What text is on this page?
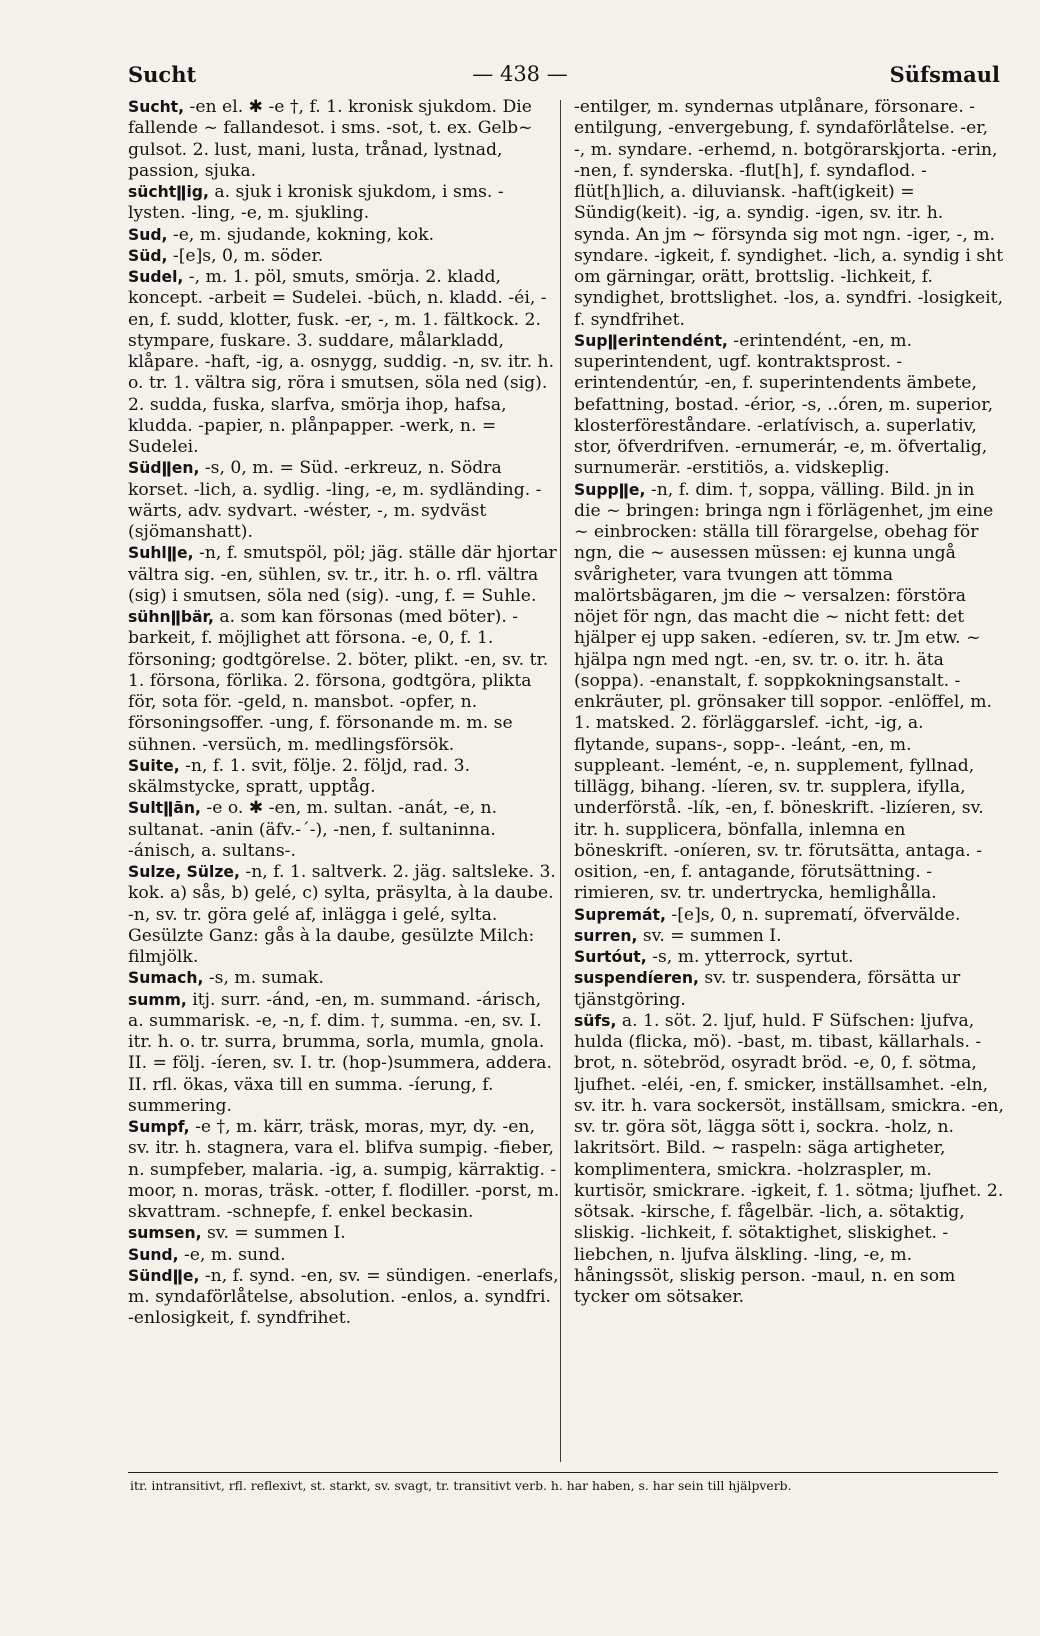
Sucht	— 438 —	Süfsmaul

Sucht, -en el. ✱ -e †, f. 1. kronisk sjukdom. Die fallende ~ fallandesot. i sms. -sot, t. ex. Gelb~ gulsot. 2. lust, mani, lusta, trånad, lystnad, passion, sjuka.

süchtǁig, a. sjuk i kronisk sjukdom, i sms. -lysten. -ling, -e, m. sjukling.

Sud, -e, m. sjudande, kokning, kok.

Süd, -[e]s, 0, m. söder.

Sudel, -, m. 1. pöl, smuts, smörja. 2. kladd, koncept. -arbeit = Sudelei. -büch, n. kladd. -éi, -en, f. sudd, klotter, fusk. -er, -, m. 1. fältkock. 2. stympare, fuskare. 3. suddare, målarkladd, klåpare. -haft, -ig, a. osnygg, suddig. -n, sv. itr. h. o. tr. 1. vältra sig, röra i smutsen, söla ned (sig). 2. sudda, fuska, slarfva, smörja ihop, hafsa, kludda. -papier, n. plånpapper. -werk, n. = Sudelei.

Südǁen, -s, 0, m. = Süd. -erkreuz, n. Södra korset. -lich, a. sydlig. -ling, -e, m. sydländing. -wärts, adv. sydvart. -wéster, -, m. sydväst (sjömanshatt).

Suhlǁe, -n, f. smutspöl, pöl; jäg. ställe där hjortar vältra sig. -en, sühlen, sv. tr., itr. h. o. rfl. vältra (sig) i smutsen, söla ned (sig). -ung, f. = Suhle.

sühnǁbär, a. som kan försonas (med böter). -barkeit, f. möjlighet att försona. -e, 0, f. 1. försoning; godtgörelse. 2. böter, plikt. -en, sv. tr. 1. försona, förlika. 2. försona, godtgöra, plikta för, sota för. -geld, n. mansbot. -opfer, n. försoningsoffer. -ung, f. försonande m. m. se sühnen. -versüch, m. medlingsförsök.

Suite, -n, f. 1. svit, följe. 2. följd, rad. 3. skälmstycke, spratt, upptåg.

Sultǁān, -e o. ✱ -en, m. sultan. -anát, -e, n. sultanat. -anin (äfv.-´-), -nen, f. sultaninna. -ánisch, a. sultans-.

Sulze, Sülze, -n, f. 1. saltverk. 2. jäg. saltsleke. 3. kok. a) sås, b) gelé, c) sylta, präsylta, à la daube. -n, sv. tr. göra gelé af, inlägga i gelé, sylta. Gesülzte Ganz: gås à la daube, gesülzte Milch: filmjölk.

Sumach, -s, m. sumak.

summ, itj. surr. -ánd, -en, m. summand. -árisch, a. summarisk. -e, -n, f. dim. †, summa. -en, sv. I. itr. h. o. tr. surra, brumma, sorla, mumla, gnola. II. = följ. -íeren, sv. I. tr. (hop-)summera, addera. II. rfl. ökas, växa till en summa. -íerung, f. summering.

Sumpf, -e †, m. kärr, träsk, moras, myr, dy. -en, sv. itr. h. stagnera, vara el. blifva sumpig. -fieber, n. sumpfeber, malaria. -ig, a. sumpig, kärraktig. -moor, n. moras, träsk. -otter, f. flodiller. -porst, m. skvattram. -schnepfe, f. enkel beckasin.

sumsen, sv. = summen I.

Sund, -e, m. sund.

Sündǁe, -n, f. synd. -en, sv. = sündigen. -enerlafs, m. syndaförlåtelse, absolution. -enlos, a. syndfri. -enlosigkeit, f. syndfrihet.

-entilger, m. syndernas utplånare, försonare. -entilgung, -envergebung, f. syndaförlåtelse. -er, -, m. syndare. -erhemd, n. botgörarskjorta. -erin, -nen, f. synderska. -flut[h], f. syndaflod. -flüt[h]lich, a. diluviansk. -haft(igkeit) = Sündig(keit). -ig, a. syndig. -igen, sv. itr. h. synda. An jm ~ försynda sig mot ngn. -iger, -, m. syndare. -igkeit, f. syndighet. -lich, a. syndig i sht om gärningar, orätt, brottslig. -lichkeit, f. syndighet, brottslighet. -los, a. syndfri. -losigkeit, f. syndfrihet.

Supǁerintendént, -erintendént, -en, m. superintendent, ugf. kontraktsprost. -erintendentúr, -en, f. superintendents ämbete, befattning, bostad. -érior, -s, ..óren, m. superior, klosterföreståndare. -erlatívisch, a. superlativ, stor, öfverdrifven. -ernumerár, -e, m. öfvertalig, surnumerär. -erstitiös, a. vidskeplig.

Suppǁe, -n, f. dim. †, soppa, välling. Bild. jn in die ~ bringen: bringa ngn i förlägenhet, jm eine ~ einbrocken: ställa till förargelse, obehag för ngn, die ~ ausessen müssen: ej kunna ungå svårigheter, vara tvungen att tömma malörtsbägaren, jm die ~ versalzen: förstöra nöjet för ngn, das macht die ~ nicht fett: det hjälper ej upp saken. -edíeren, sv. tr. Jm etw. ~ hjälpa ngn med ngt. -en, sv. tr. o. itr. h. äta (soppa). -enanstalt, f. soppkokningsanstalt. -enkräuter, pl. grönsaker till soppor. -enlöffel, m. 1. matsked. 2. förläggarslef. -icht, -ig, a. flytande, supans-, sopp-. -leánt, -en, m. suppleant. -lemént, -e, n. supplement, fyllnad, tillägg, bihang. -líeren, sv. tr. supplera, ifylla, underförstå. -lík, -en, f. böneskrift. -lizíeren, sv. itr. h. supplicera, bönfalla, inlemna en böneskrift. -oníeren, sv. tr. förutsätta, antaga. -osition, -en, f. antagande, förutsättning. -rimieren, sv. tr. undertrycka, hemlighålla.

Supremát, -[e]s, 0, n. suprematí, öfvervälde.

surren, sv. = summen I.

Surtóut, -s, m. ytterrock, syrtut.

suspendíeren, sv. tr. suspendera, försätta ur tjänstgöring.

süfs, a. 1. söt. 2. ljuf, huld. F Süfschen: ljufva, hulda (flicka, mö). -bast, m. tibast, källarhals. -brot, n. sötebröd, osyradt bröd. -e, 0, f. sötma, ljufhet. -eléi, -en, f. smicker, inställsamhet. -eln, sv. itr. h. vara sockersöt, inställsam, smickra. -en, sv. tr. göra söt, lägga sött i, sockra. -holz, n. lakritsört. Bild. ~ raspeln: säga artigheter, komplimentera, smickra. -holzraspler, m. kurtisör, smickrare. -igkeit, f. 1. sötma; ljufhet. 2. sötsak. -kirsche, f. fågelbär. -lich, a. sötaktig, sliskig. -lichkeit, f. sötaktighet, sliskighet. -liebchen, n. ljufva älskling. -ling, -e, m. håningssöt, sliskig person. -maul, n. en som tycker om sötsaker.

itr. intransitivt, rfl. reflexivt, st. starkt, sv. svagt, tr. transitivt verb. h. har haben, s. har sein till hjälpverb.
